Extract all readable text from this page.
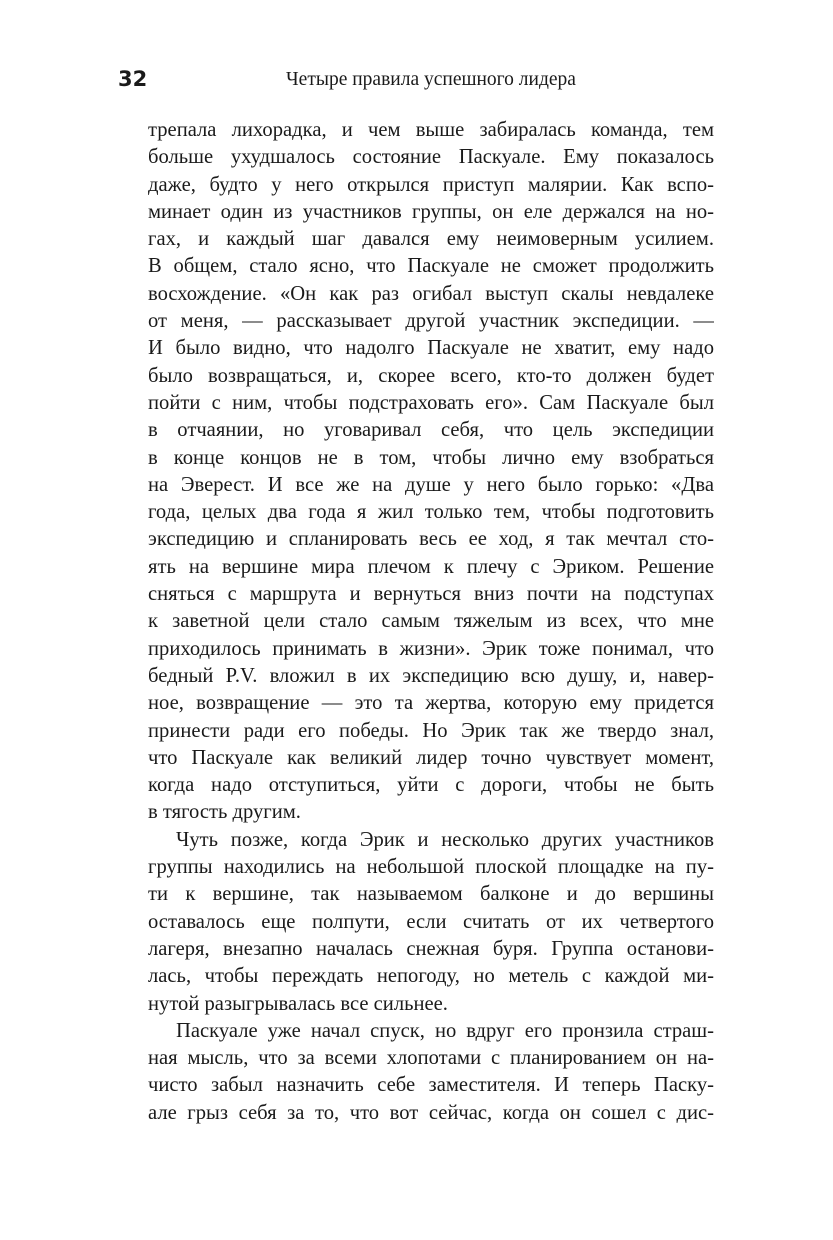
32	Четыре правила успешного лидера
трепала лихорадка, и чем выше забиралась команда, тем
больше ухудшалось состояние Паскуале. Ему показалось
даже, будто у него открылся приступ малярии. Как вспо-
минает один из участников группы, он еле держался на но-
гах, и каждый шаг давался ему неимоверным усилием.
В общем, стало ясно, что Паскуале не сможет продолжить
восхождение. «Он как раз огибал выступ скалы невдалеке
от меня, — рассказывает другой участник экспедиции. —
И было видно, что надолго Паскуале не хватит, ему надо
было возвращаться, и, скорее всего, кто-то должен будет
пойти с ним, чтобы подстраховать его». Сам Паскуале был
в отчаянии, но уговаривал себя, что цель экспедиции
в конце концов не в том, чтобы лично ему взобраться
на Эверест. И все же на душе у него было горько: «Два
года, целых два года я жил только тем, чтобы подготовить
экспедицию и спланировать весь ее ход, я так мечтал сто-
ять на вершине мира плечом к плечу с Эриком. Решение
сняться с маршрута и вернуться вниз почти на подступах
к заветной цели стало самым тяжелым из всех, что мне
приходилось принимать в жизни». Эрик тоже понимал, что
бедный P.V. вложил в их экспедицию всю душу, и, навер-
ное, возвращение — это та жертва, которую ему придется
принести ради его победы. Но Эрик так же твердо знал,
что Паскуале как великий лидер точно чувствует момент,
когда надо отступиться, уйти с дороги, чтобы не быть
в тягость другим.
Чуть позже, когда Эрик и несколько других участников
группы находились на небольшой плоской площадке на пу-
ти к вершине, так называемом балконе и до вершины
оставалось еще полпути, если считать от их четвертого
лагеря, внезапно началась снежная буря. Группа останови-
лась, чтобы переждать непогоду, но метель с каждой ми-
нутой разыгрывалась все сильнее.
Паскуале уже начал спуск, но вдруг его пронзила страш-
ная мысль, что за всеми хлопотами с планированием он на-
чисто забыл назначить себе заместителя. И теперь Паску-
але грыз себя за то, что вот сейчас, когда он сошел с дис-
